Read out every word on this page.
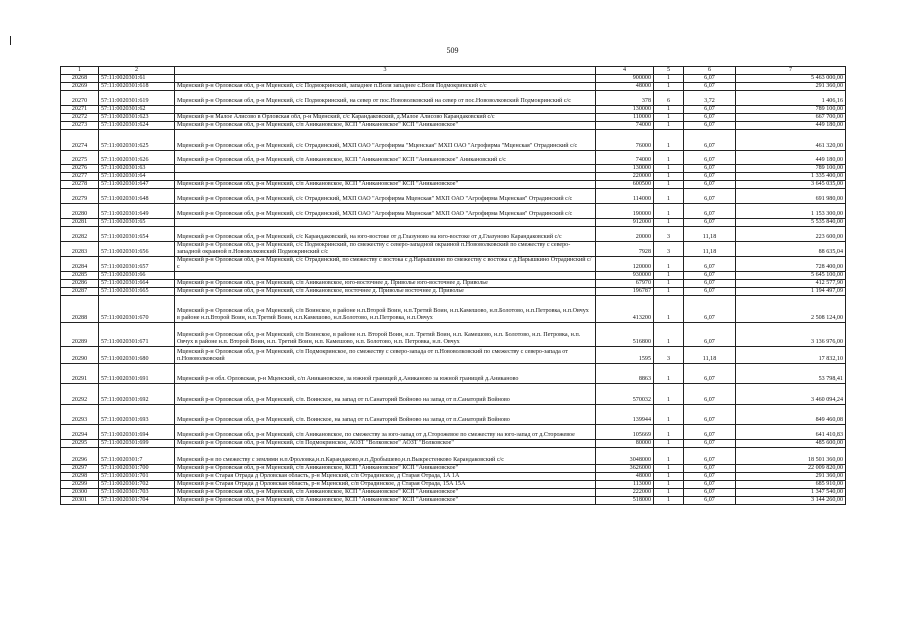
509
1	2	3	4	5	6	7
20268	57:11:0020301:61		900000	1	6,07	5 463 000,00
20269	57:11:0020301:618	Мценский р-н Орловская обл, р-н Мценский, с/с Подмокринский, западнее п.Воля западнее с.Воля Подмокринский с/с	48000	1	6,07	291 360,00
20270	57:11:0020301:619	Мценский р-н Орловская обл, р-н Мценский, с/с Подмокринский, на север от пос.Нововолковский на север от пос.Нововолковский Подмокринский с/с	378	6	3,72	1 406,16
20271	57:11:0020301:62		130000	1	6,07	789 100,00
20272	57:11:0020301:623	Мценский р-н Малое Алисово в Орловская обл, р-н Мценский, с/с Карандаковский, д.Малое Алисово Карандаковский с/с	110000	1	6,07	667 700,00
20273	57:11:0020301:624	Мценский р-н Орловская обл, р-н Мценский, с/п Аникановское, КСП "Аникановское" КСП "Аникановское"	74000	1	6,07	449 180,00
20274	57:11:0020301:625	Мценский р-н Орловская обл, р-н Мценский, с/с Отрадинский, МХП ОАО "Агрофирма "Мценская" МХП ОАО "Агрофирма "Мценская" Отрадинский с/с	76000	1	6,07	461 320,00
20275	57:11:0020301:626	Мценский р-н Орловская обл, р-н Мценский, с/п Аникановское, КСП "Аникановское" КСП "Аникановское" Аникановский с/с	74000	1	6,07	449 180,00
20276	57:11:0020301:63		130000	1	6,07	789 100,00
20277	57:11:0020301:64		220000	1	6,07	1 335 400,00
20278	57:11:0020301:647	Мценский р-н Орловская обл, р-н Мценский, с/п Аникановское, КСП "Аникановское" КСП "Аникановское"	600500	1	6,07	3 645 035,00
20279	57:11:0020301:648	Мценский р-н Орловская обл, р-н Мценский, с/с Отрадинский, МХП ОАО "Агрофирма Мценская" МХП ОАО "Агрофирма Мценская" Отрадинский с/с	114000	1	6,07	691 980,00
20280	57:11:0020301:649	Мценский р-н Орловская обл, р-н Мценский, с/с Отрадинский, МХП ОАО "Агрофирма Мценская" МХП ОАО "Агрофирма Мценская" Отрадинский с/с	190000	1	6,07	1 153 300,00
20281	57:11:0020301:65		912000	1	6,07	5 535 840,00
20282	57:11:0020301:654	Мценский р-н Орловская обл, р-н Мценский, с/с Карандаковский, на юго-востоке от д.Глазуново на юго-востоке от д.Глазуново Карандаковский с/с	20000	3	11,18	223 600,00
20283	57:11:0020301:656	Мценский р-н Орловская обл, р-н Мценский, с/с Подмокринский, по смежеству с северо-западной окраиной п.Нововолковский по смежеству с северо-западной окраиной п.Нововолковский Подмокринский с/с	7928	3	11,18	88 635,04
20284	57:11:0020301:657	Мценский р-н Орловская обл, р-н Мценский, с/с Отрадинский, по смежеству с востока с д.Нарышкино по смежеству с востока с д.Нарышкино Отрадинский с/с	120000	1	6,07	728 400,00
20285	57:11:0020301:66		930000	1	6,07	5 645 100,00
20286	57:11:0020301:664	Мценский р-н Орловская обл, р-н Мценский, с/п Аникановское, юго-восточнее д. Приволье юго-восточнее д. Приволье	67970	1	6,07	412 577,90
20287	57:11:0020301:665	Мценский р-н Орловская обл, р-н Мценский, с/п Аникановское, восточнее д. Приволье восточнее д. Приволье	196787	1	6,07	1 194 497,09
20288	57:11:0020301:670	Мценский р-н Орловская обл, р-н Мценский, с/п Воинское, в районе н.п.Второй Воин, н.п.Третий Воин, н.п.Камешово, н.п.Болотово, н.п.Петровка, н.п.Овчух в районе н.п.Второй Воин, н.п.Третий Воин, н.п.Камешово, н.п.Болотово, н.п.Петровка, н.п.Овчух	413200	1	6,07	2 508 124,00
20289	57:11:0020301:671	Мценский р-н Орловская обл, р-н Мценский, с/п Воинское, в районе н.п. Второй Воин, н.п. Третий Воин, н.п. Камешово, н.п. Болотово, н.п. Петровка, н.п. Овчух в районе н.п. Второй Воин, н.п. Третий Воин, н.п. Камешово, н.п. Болотово, н.п. Петровка, н.п. Овчух	516800	1	6,07	3 136 976,00
20290	57:11:0020301:680	Мценский р-н Орловская обл, р-н Мценский, с/п Подмокринское, по смежеству с северо-запада от п.Нововолковский по смежеству с северо-запада от п.Нововолковский	1595	3	11,18	17 832,10
20291	57:11:0020301:691	Мценский р-н обл. Орловская, р-н Мценский, с/п Аникановское, за южной границей д.Аниканово за южной границей д.Аниканово	8863	1	6,07	53 798,41
20292	57:11:0020301:692	Мценский р-н Орловская обл, р-н Мценский, с/п. Воинское, на запад от п.Санаторий Войново на запад от п.Санаторий Войново	570032	1	6,07	3 460 094,24
20293	57:11:0020301:693	Мценский р-н Орловская обл, р-н Мценский, с/п. Воинское, на запад от п.Санаторий Войново на запад от п.Санаторий Войново	139944	1	6,07	849 460,08
20294	57:11:0020301:694	Мценский р-н Орловская обл, р-н Мценский, с/п Аникановское, по смежеству за юго-запад от д.Сторожевое по смежеству на юго-запад от д.Сторожевое	105669	1	6,07	641 410,83
20295	57:11:0020301:699	Мценский р-н Орловская обл, р-н Мценский, с/п Подмокринское, АОЗТ "Волковское" АОЗТ "Волковское"	80000	1	6,07	485 600,00
20296	57:11:0020301:7	Мценский р-н по смежеству с землями н.п.Фроловка,н.п.Карандаково,н.п.Дробышево,н.п.Выкрестенково Карандаковский с/с	3048000	1	6,07	18 501 360,00
20297	57:11:0020301:700	Мценский р-н Орловская обл, р-н Мценский, с/п Аникановское, КСП "Аникановское" КСП "Аникановское"	3626000	1	6,07	22 009 820,00
20298	57:11:0020301:701	Мценский р-н Старая Отрада д Орловская область, р-н Мценский, с/п Отрадинское, д Старая Отрада, 1А 1А	48000	1	6,07	291 360,00
20299	57:11:0020301:702	Мценский р-н Старая Отрада д Орловская область, р-н Мценский, с/п Отрадинское, д Старая Отрада, 15А 15А	113000	1	6,07	685 910,00
20300	57:11:0020301:703	Мценский р-н Орловская обл, р-н Мценский, с/п Аникановское, КСП "Аникановское" КСП "Аникановское"	222000	1	6,07	1 347 540,00
20301	57:11:0020301:704	Мценский р-н Орловская обл, р-н Мценский, с/п Аникановское, КСП "Аникановское" КСП "Аникановское"	518000	1	6,07	3 144 260,00
